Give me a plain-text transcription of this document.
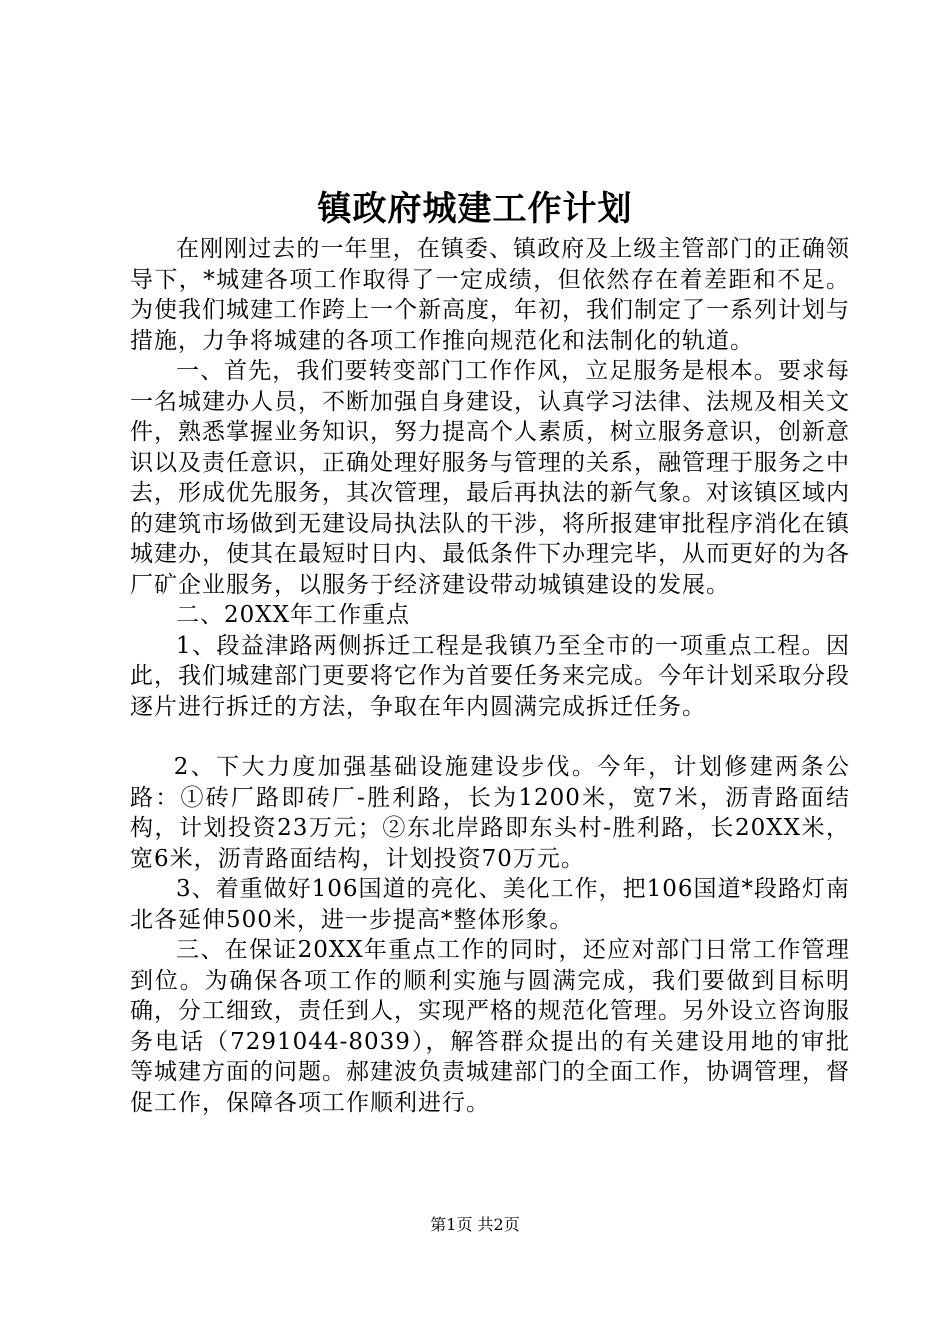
镇政府城建工作计划

在刚刚过去的一年里，在镇委、镇政府及上级主管部门的正确领导下，*城建各项工作取得了一定成绩，但依然存在着差距和不足。为使我们城建工作跨上一个新高度，年初，我们制定了一系列计划与措施，力争将城建的各项工作推向规范化和法制化的轨道。

一、首先，我们要转变部门工作作风，立足服务是根本。要求每一名城建办人员，不断加强自身建设，认真学习法律、法规及相关文件，熟悉掌握业务知识，努力提高个人素质，树立服务意识，创新意识以及责任意识，正确处理好服务与管理的关系，融管理于服务之中去，形成优先服务，其次管理，最后再执法的新气象。对该镇区域内的建筑市场做到无建设局执法队的干涉，将所报建审批程序消化在镇城建办，使其在最短时日内、最低条件下办理完毕，从而更好的为各厂矿企业服务，以服务于经济建设带动城镇建设的发展。

二、20XX年工作重点

1、段益津路两侧拆迁工程是我镇乃至全市的一项重点工程。因此，我们城建部门更要将它作为首要任务来完成。今年计划采取分段逐片进行拆迁的方法，争取在年内圆满完成拆迁任务。

2、下大力度加强基础设施建设步伐。今年，计划修建两条公路：①砖厂路即砖厂-胜利路，长为1200米，宽7米，沥青路面结构，计划投资23万元；②东北岸路即东头村-胜利路，长20XX米，宽6米，沥青路面结构，计划投资70万元。

3、着重做好106国道的亮化、美化工作，把106国道*段路灯南北各延伸500米，进一步提高*整体形象。

三、在保证20XX年重点工作的同时，还应对部门日常工作管理到位。为确保各项工作的顺利实施与圆满完成，我们要做到目标明确，分工细致，责任到人，实现严格的规范化管理。另外设立咨询服务电话（7291044-8039），解答群众提出的有关建设用地的审批等城建方面的问题。郝建波负责城建部门的全面工作，协调管理，督促工作，保障各项工作顺利进行。

第1页 共2页
